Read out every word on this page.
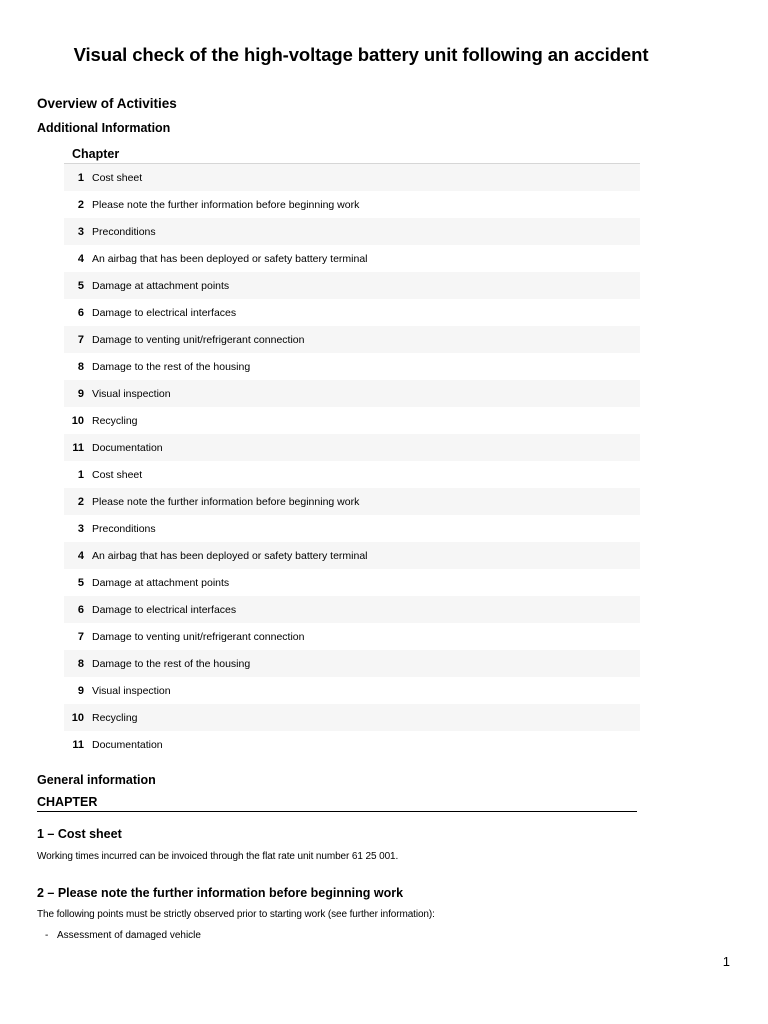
Visual check of the high-voltage battery unit following an accident
Overview of Activities
Additional Information
Chapter
1 Cost sheet
2 Please note the further information before beginning work
3 Preconditions
4 An airbag that has been deployed or safety battery terminal
5 Damage at attachment points
6 Damage to electrical interfaces
7 Damage to venting unit/refrigerant connection
8 Damage to the rest of the housing
9 Visual inspection
10 Recycling
11 Documentation
1 Cost sheet
2 Please note the further information before beginning work
3 Preconditions
4 An airbag that has been deployed or safety battery terminal
5 Damage at attachment points
6 Damage to electrical interfaces
7 Damage to venting unit/refrigerant connection
8 Damage to the rest of the housing
9 Visual inspection
10 Recycling
11 Documentation
General information
CHAPTER
1 – Cost sheet
Working times incurred can be invoiced through the flat rate unit number 61 25 001.
2 – Please note the further information before beginning work
The following points must be strictly observed prior to starting work (see further information):
- Assessment of damaged vehicle
1
